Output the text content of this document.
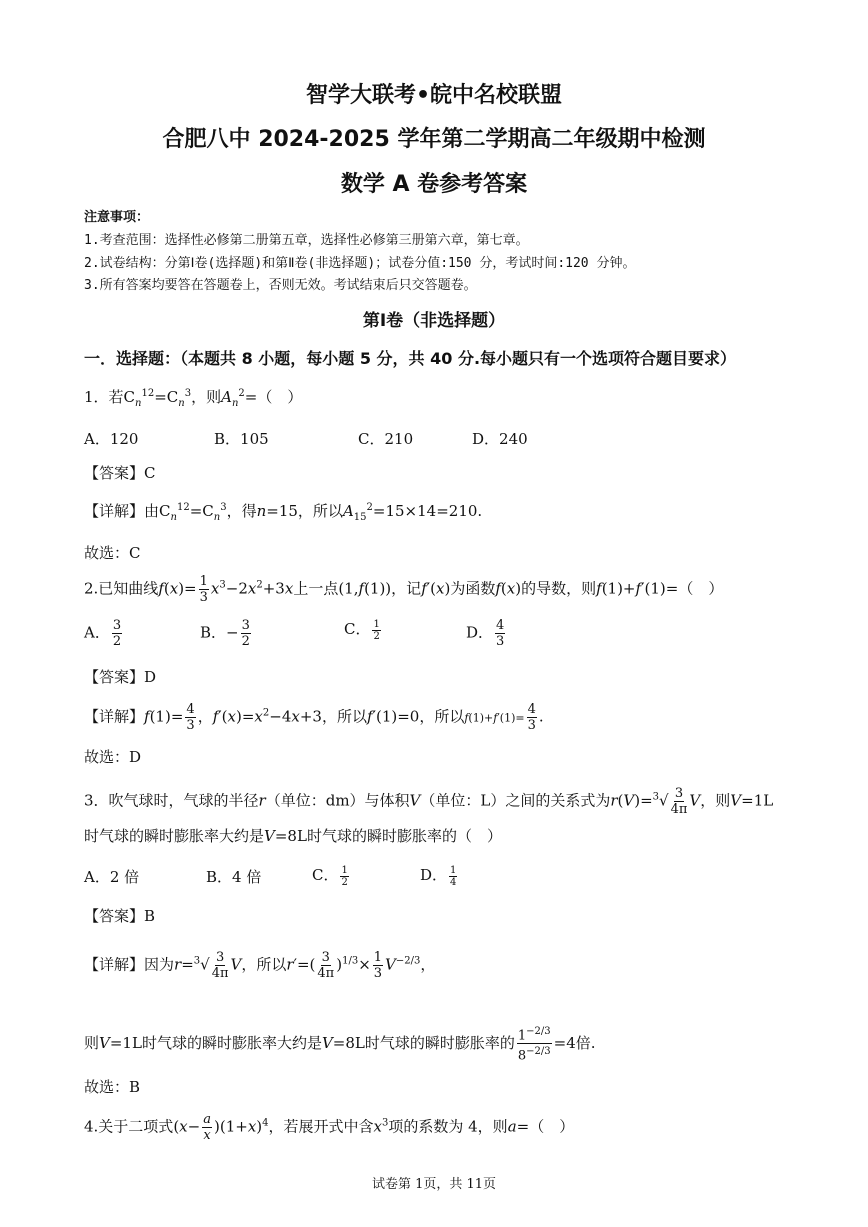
智学大联考•皖中名校联盟
合肥八中 2024-2025 学年第二学期高二年级期中检测
数学 A 卷参考答案
注意事项：
1.考查范围：选择性必修第二册第五章，选择性必修第三册第六章，第七章。
2.试卷结构：分第Ⅰ卷(选择题)和第Ⅱ卷(非选择题)；试卷分值:150 分，考试时间:120 分钟。
3.所有答案均要答在答题卷上，否则无效。考试结束后只交答题卷。
第Ⅰ卷（非选择题）
一．选择题：（本题共 8 小题，每小题 5 分，共 40 分.每小题只有一个选项符合题目要求）
1．若$C_n^{12}=C_n^3$，则$A_n^2=$（　）
A．120	B．105	C．210	D．240
【答案】C
【详解】由$C_n^{12}=C_n^3$，得n=15，所以$A_{15}^2=15\times 14=210$.
故选：C
2.已知曲线$f(x)= \frac{1}{3} x^3-2x^2+3x$上一点(1,f(1))，记f′(x)为函数f(x)的导数，则f(1)+f′(1)=（　）
A． $\frac{3}{2}$	B．− $\frac{3}{2}$	C． $\frac{1}{2}$	D． $\frac{4}{3}$
【答案】D
【详解】$f(1)= \frac{4}{3}$ ，$f'(x)=x^2-4x+3$，所以f′(1)=0，所以$f(1)+f'(1)= \frac{4}{3}$ .
故选：D
3．吹气球时，气球的半径r（单位：dm）与体积V（单位：L）之间的关系式为$r(V)=^3√ \frac{3}{4\pi}$ V，则V=1L
时气球的瞬时膨胀率大约是V=8L时气球的瞬时膨胀率的（　）
A．2 倍	B．4 倍	C． $\frac{1}{2}$	D． $\frac{1}{4}$
【答案】B
【详解】因为$r=^3√ \frac{3}{4\pi}$ V，所以$r'=( \frac{3}{4\pi} )^{1/3}\times \frac{1}{3} V^{-2/3}$，
则V=1L时气球的瞬时膨胀率大约是V=8L时气球的瞬时膨胀率的 $\frac{1^{-2/3}}{8^{-2/3}} =4$倍.
故选：B
4.关于二项式$(x- \frac{a}{x} )(1+x)^4$，若展开式中含$x^3$项的系数为 4，则a=（　）
试卷第 1页，共 11页
